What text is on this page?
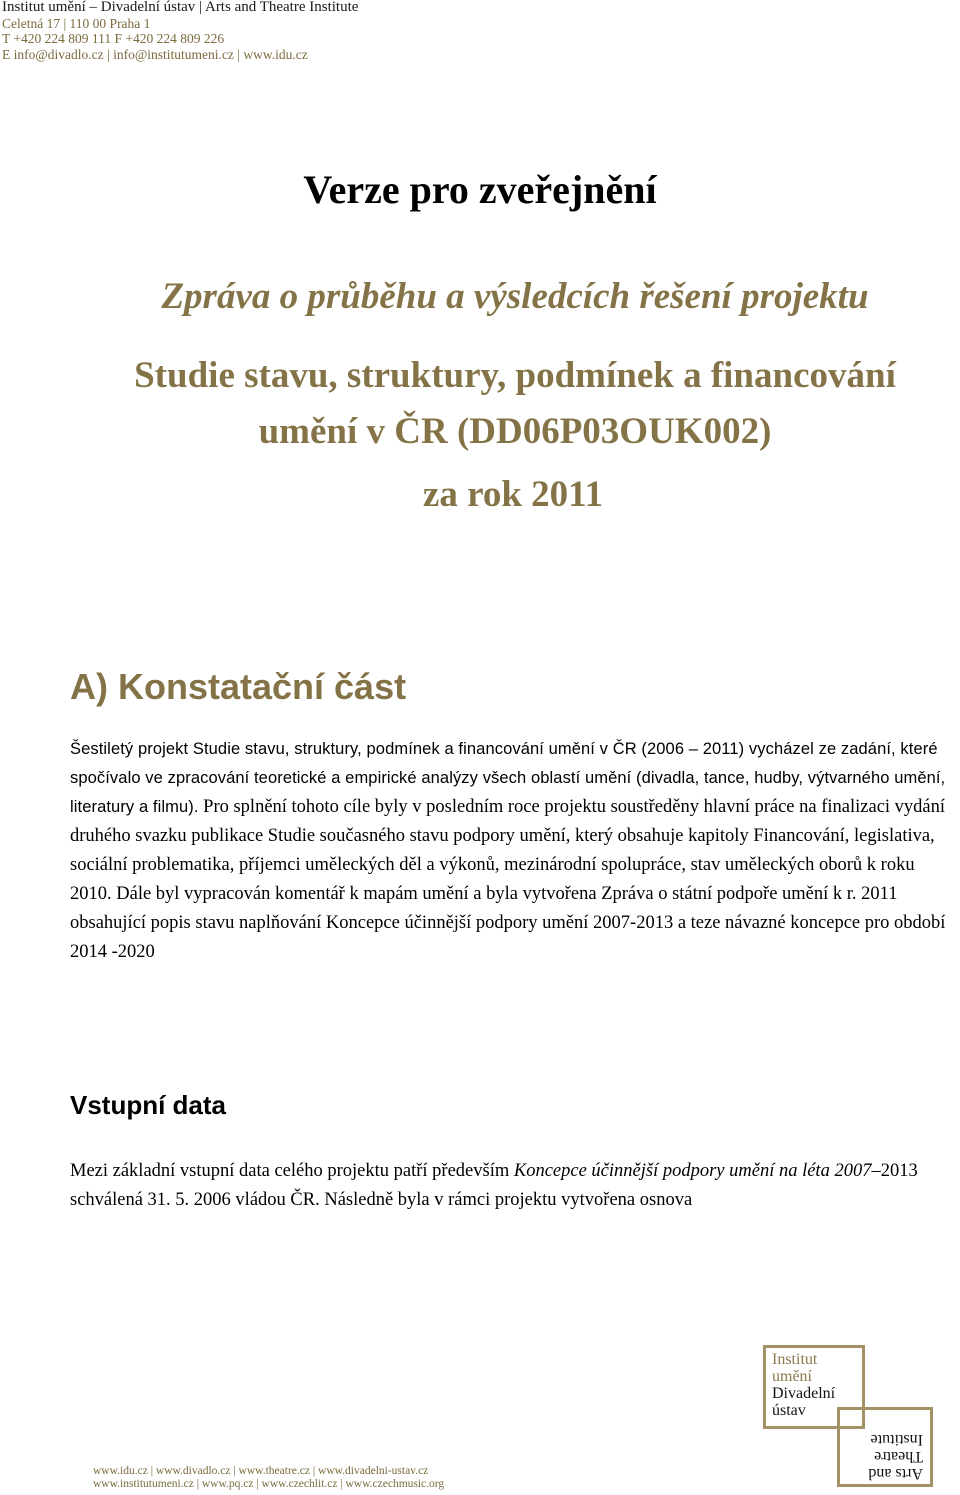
Institut umění – Divadelní ústav | Arts and Theatre Institute
Celetná 17 | 110 00 Praha 1
T +420 224 809 111 F +420 224 809 226
E info@divadlo.cz | info@institutumeni.cz | www.idu.cz
Verze pro zveřejnění
Zpráva o průběhu a výsledcích řešení projektu
Studie stavu, struktury, podmínek a financování
umění v ČR (DD06P03OUK002)
za rok 2011
A) Konstatační část

Šestiletý projekt Studie stavu, struktury, podmínek a financování umění v ČR (2006 – 2011) vycházel ze zadání, které spočívalo ve zpracování teoretické a empirické analýzy všech oblastí umění (divadla, tance, hudby, výtvarného umění, literatury a filmu). Pro splnění tohoto cíle byly v posledním roce projektu soustředěny hlavní práce na finalizaci vydání druhého svazku publikace Studie současného stavu podpory umění, který obsahuje kapitoly Financování, legislativa, sociální problematika, příjemci uměleckých děl a výkonů, mezinárodní spolupráce, stav uměleckých oborů k roku 2010. Dále byl vypracován komentář k mapám umění a byla vytvořena Zpráva o státní podpoře umění k r. 2011 obsahující popis stavu naplňování Koncepce účinnější podpory umění 2007-2013 a teze návazné koncepce pro období 2014 -2020

Vstupní data

Mezi základní vstupní data celého projektu patří především Koncepce účinnější podpory umění na léta 2007–2013 schválená 31. 5. 2006 vládou ČR. Následně byla v rámci projektu vytvořena osnova

Institut
umění
Divadelní
ústav
Arts and
Theatre
Institute
www.idu.cz | www.divadlo.cz | www.theatre.cz | www.divadelni-ustav.cz
www.institutumeni.cz | www.pq.cz | www.czechlit.cz | www.czechmusic.org
